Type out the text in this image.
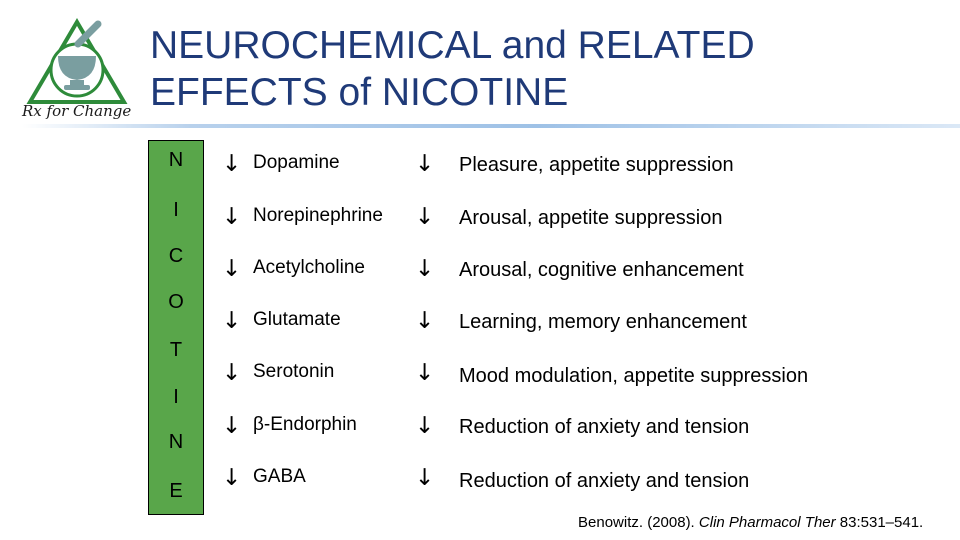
Rx for Change
NEUROCHEMICAL and RELATED
EFFECTS of NICOTINE
N
I
C
O
T
I
N
E
↓ Dopamine	↓ Pleasure, appetite suppression
↓ Norepinephrine ↓ Arousal, appetite suppression
↓ Acetylcholine ↓ Arousal, cognitive enhancement
↓ Glutamate	↓ Learning, memory enhancement
↓ Serotonin	↓ Mood modulation, appetite suppression
↓ β-Endorphin	↓ Reduction of anxiety and tension
↓ GABA	↓ Reduction of anxiety and tension
Benowitz. (2008). Clin Pharmacol Ther 83:531–541.
